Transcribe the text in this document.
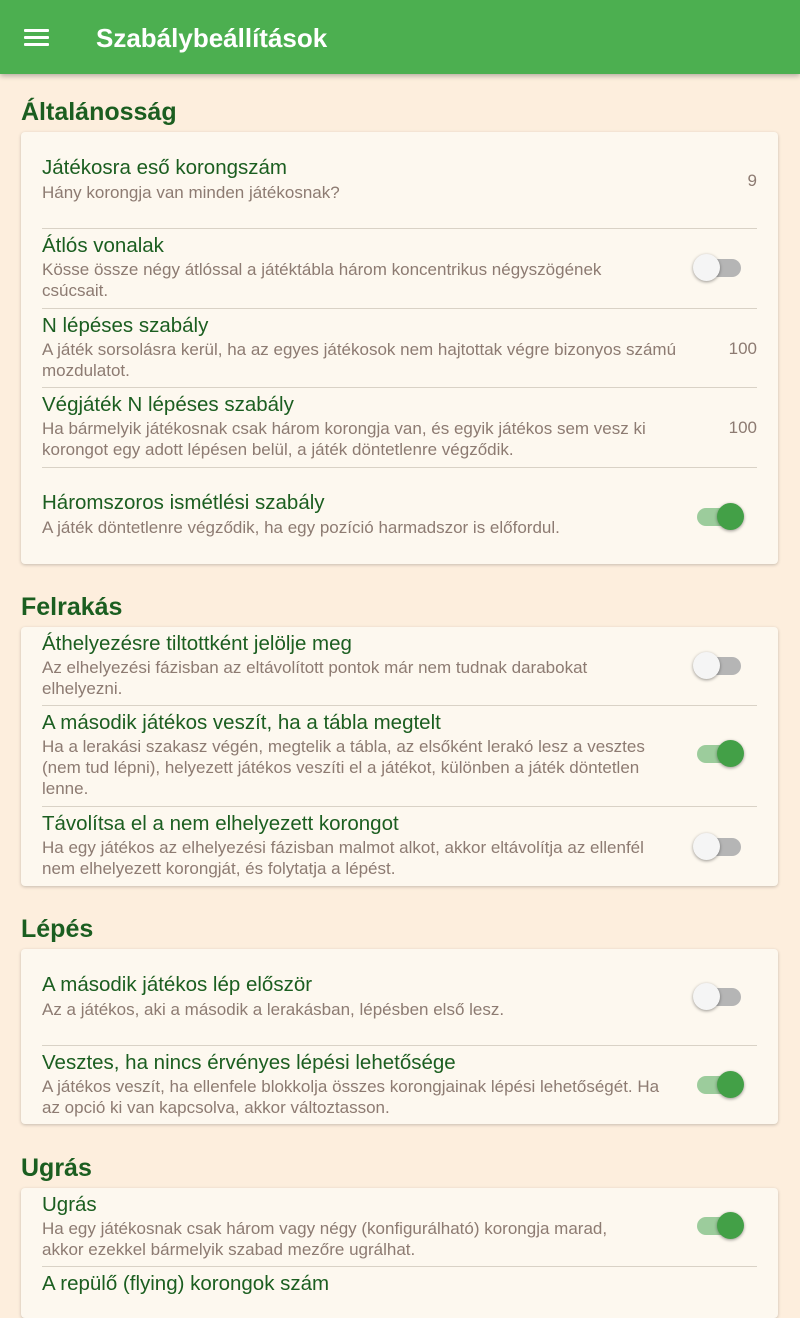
Szabálybeállítások
Általánosság
Játékosra eső korongszám
Hány korongja van minden játékosnak?
9
Átlós vonalak
Kösse össze négy átlóssal a játéktábla három koncentrikus négyszögének csúcsait.
N lépéses szabály
A játék sorsolásra kerül, ha az egyes játékosok nem hajtottak végre bizonyos számú mozdulatot.
100
Végjáték N lépéses szabály
Ha bármelyik játékosnak csak három korongja van, és egyik játékos sem vesz ki korongot egy adott lépésen belül, a játék döntetlenre végződik.
100
Háromszoros ismétlési szabály
A játék döntetlenre végződik, ha egy pozíció harmadszor is előfordul.
Felrakás
Áthelyezésre tiltottként jelölje meg
Az elhelyezési fázisban az eltávolított pontok már nem tudnak darabokat elhelyezni.
A második játékos veszít, ha a tábla megtelt
Ha a lerakási szakasz végén, megtelik a tábla, az elsőként lerakó lesz a vesztes (nem tud lépni), helyezett játékos veszíti el a játékot, különben a játék döntetlen lenne.
Távolítsa el a nem elhelyezett korongot
Ha egy játékos az elhelyezési fázisban malmot alkot, akkor eltávolítja az ellenfél nem elhelyezett korongját, és folytatja a lépést.
Lépés
A második játékos lép először
Az a játékos, aki a második a lerakásban, lépésben első lesz.
Vesztes, ha nincs érvényes lépési lehetősége
A játékos veszít, ha ellenfele blokkolja összes korongjainak lépési lehetőségét. Ha az opció ki van kapcsolva, akkor változtasson.
Ugrás
Ugrás
Ha egy játékosnak csak három vagy négy (konfigurálható) korongja marad, akkor ezekkel bármelyik szabad mezőre ugrálhat.
A repülő (flying) korongok szám
